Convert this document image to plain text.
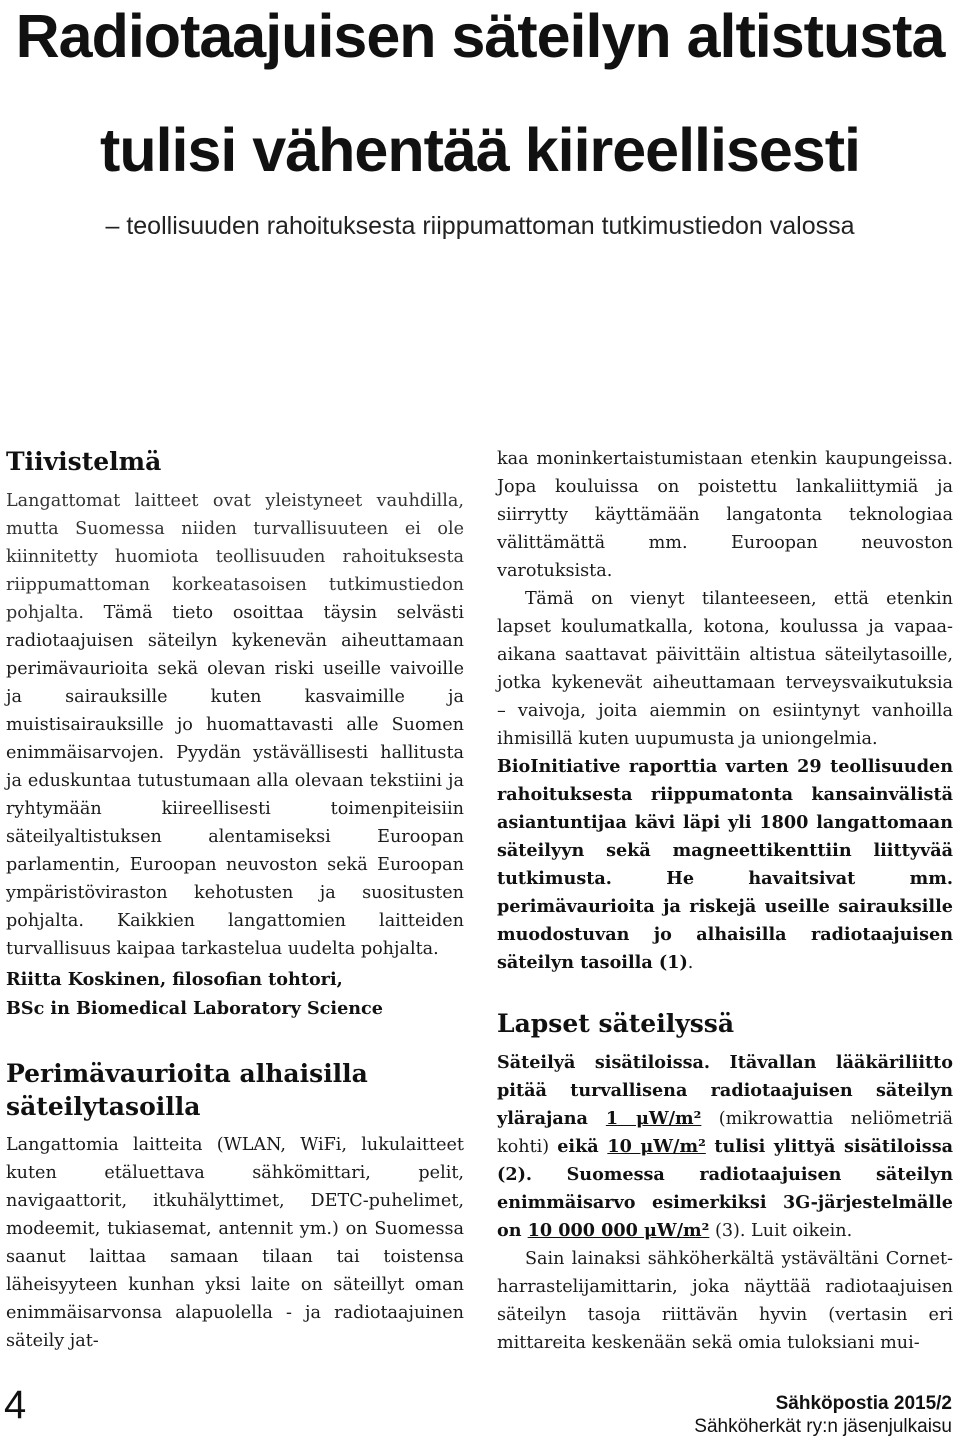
Radiotaajuisen säteilyn altistusta
tulisi vähentää kiireellisesti
– teollisuuden rahoituksesta riippumattoman tutkimustiedon valossa
Tiivistelmä

Langattomat laitteet ovat yleistyneet vauhdilla, mutta Suomessa niiden turvallisuuteen ei ole kiinnitetty huomiota teollisuuden rahoituksesta riippumattoman korkeatasoisen tutkimustiedon pohjalta. Tämä tieto osoittaa täysin selvästi radiotaajuisen säteilyn kykenevän aiheuttamaan perimävaurioita sekä olevan riski useille vaivoille ja sairauksille kuten kasvaimille ja muistisairauksille jo huomattavasti alle Suomen enimmäisarvojen. Pyydän ystävällisesti hallitusta ja eduskuntaa tutustumaan alla olevaan tekstiini ja ryhtymään kiireellisesti toimenpiteisiin säteilyaltistuksen alentamiseksi Euroopan parlamentin, Euroopan neuvoston sekä Euroopan ympäristöviraston kehotusten ja suositusten pohjalta. Kaikkien langattomien laitteiden turvallisuus kaipaa tarkastelua uudelta pohjalta.

Riitta Koskinen, filosofian tohtori,
BSc in Biomedical Laboratory Science
Perimävaurioita alhaisilla
säteilytasoilla

Langattomia laitteita (WLAN, WiFi, lukulaitteet kuten etäluettava sähkömittari, pelit, navigaattorit, itkuhälyttimet, DETC-puhelimet, modeemit, tukiasemat, antennit ym.) on Suomessa saanut laittaa samaan tilaan tai toistensa läheisyyteen kunhan yksi laite on säteillyt oman enimmäisarvonsa alapuolella - ja radiotaajuinen säteily jat-

kaa moninkertaistumistaan etenkin kaupungeissa. Jopa kouluissa on poistettu lankaliittymiä ja siirrytty käyttämään langatonta teknologiaa välittämättä mm. Euroopan neuvoston varotuksista.

Tämä on vienyt tilanteeseen, että etenkin lapset koulumatkalla, kotona, koulussa ja vapaa-aikana saattavat päivittäin altistua säteilytasoille, jotka kykenevät aiheuttamaan terveysvaikutuksia – vaivoja, joita aiemmin on esiintynyt vanhoilla ihmisillä kuten uupumusta ja uniongelmia.

BioInitiative raporttia varten 29 teollisuuden rahoituksesta riippumatonta kansainvälistä asiantuntijaa kävi läpi yli 1800 langattomaan säteilyyn sekä magneettikenttiin liittyvää tutkimusta. He havaitsivat mm. perimävaurioita ja riskejä useille sairauksille muodostuvan jo alhaisilla radiotaajuisen säteilyn tasoilla (1).

Lapset säteilyssä

Säteilyä sisätiloissa. Itävallan lääkäriliitto pitää turvallisena radiotaajuisen säteilyn ylärajana 1 μW/m² (mikrowattia neliömetriä kohti) eikä 10 μW/m² tulisi ylittyä sisätiloissa (2). Suomessa radiotaajuisen säteilyn enimmäisarvo esimerkiksi 3G-järjestelmälle on 10 000 000 μW/m² (3). Luit oikein.

Sain lainaksi sähköherkältä ystävältäni Cornet-harrastelijamittarin, joka näyttää radiotaajuisen säteilyn tasoja riittävän hyvin (vertasin eri mittareita keskenään sekä omia tuloksiani mui-

4	Sähköpostia 2015/2
Sähköherkät ry:n jäsenjulkaisu
